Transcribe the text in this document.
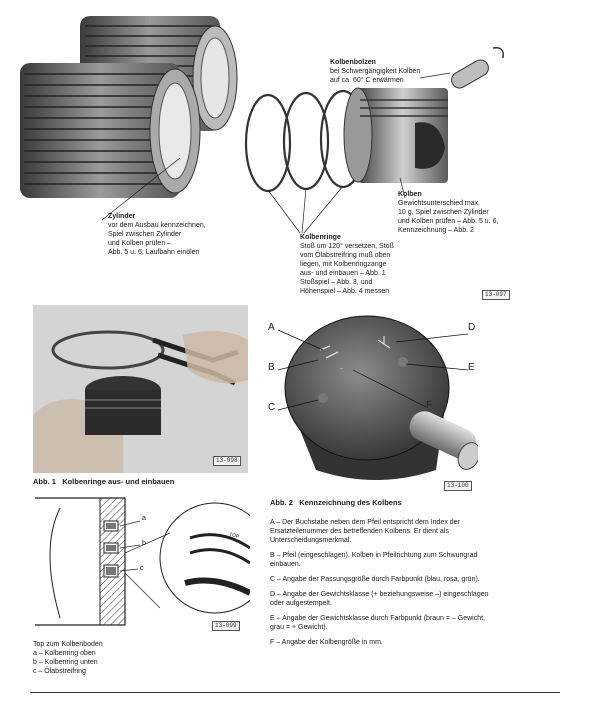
Kolbenbolzen
bei Schwergängigkeit Kolben
auf ca. 60° C erwärmen
Zylinder
vor dem Ausbau kennzeichnen,
Spiel zwischen Zylinder
und Kolben prüfen –
Abb. 5 u. 6, Laufbahn einölen
Kolben
Gewichtsunterschied max.
10 g, Spiel zwischen Zylinder
und Kolben prüfen – Abb. 5 u. 6,
Kennzeichnung – Abb. 2
Kolbenringe
Stoß um 120° versetzen, Stoß
vom Ölabstreifring muß oben
liegen, mit Kolbenringzange
aus- und einbauen – Abb. 1
Stoßspiel – Abb. 3, und
Höhenspiel – Abb. 4 messen	13-097
13-098
Abb. 1 Kolbenringe aus- und einbauen
—
A
B
C
D
E
F
13-100
Abb. 2 Kennzeichnung des Kolbens

A – Der Buchstabe neben dem Pfeil entspricht dem Index der Ersatzteilenummer des betreffenden Kolbens. Er dient als Unterscheidungsmerkmal.

B – Pfeil (eingeschlagen). Kolben in Pfeilrichtung zum Schwungrad einbauen.

C – Angabe der Passungsgröße durch Farbpunkt (blau, rosa, grün).

D – Angabe der Gewichtsklasse (+ beziehungsweise –) eingeschlagen oder aufgestempelt.

E – Angabe der Gewichtsklasse durch Farbpunkt (braun = – Gewicht, grau = + Gewicht).

F – Angabe der Kolbengröße in mm.

a
b
c
TOP
13-099

Top zum Kolbenboden

a – Kolbenring oben

b – Kolbenring unten

c – Ölabstreifring
